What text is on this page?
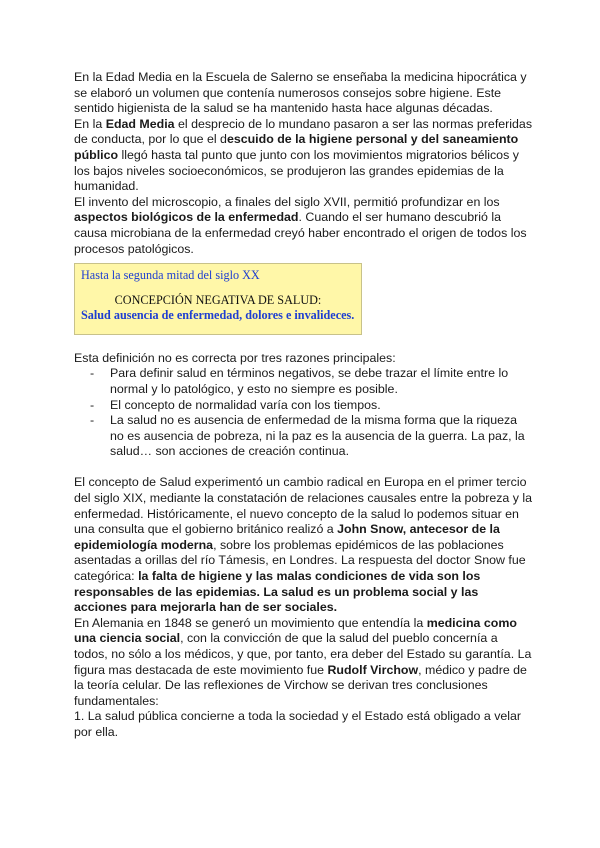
En la Edad Media en la Escuela de Salerno se enseñaba la medicina hipocrática y se elaboró un volumen que contenía numerosos consejos sobre higiene. Este sentido higienista de la salud se ha mantenido hasta hace algunas décadas.

En la Edad Media el desprecio de lo mundano pasaron a ser las normas preferidas de conducta, por lo que el descuido de la higiene personal y del saneamiento público llegó hasta tal punto que junto con los movimientos migratorios bélicos y los bajos niveles socioeconómicos, se produjeron las grandes epidemias de la humanidad.

El invento del microscopio, a finales del siglo XVII, permitió profundizar en los aspectos biológicos de la enfermedad. Cuando el ser humano descubrió la causa microbiana de la enfermedad creyó haber encontrado el origen de todos los procesos patológicos.

Hasta la segunda mitad del siglo XX
CONCEPCIÓN NEGATIVA DE SALUD:
Salud ausencia de enfermedad, dolores e invalideces.

Esta definición no es correcta por tres razones principales:

- Para definir salud en términos negativos, se debe trazar el límite entre lo normal y lo patológico, y esto no siempre es posible.
- El concepto de normalidad varía con los tiempos.
- La salud no es ausencia de enfermedad de la misma forma que la riqueza no es ausencia de pobreza, ni la paz es la ausencia de la guerra. La paz, la salud… son acciones de creación continua.

El concepto de Salud experimentó un cambio radical en Europa en el primer tercio del siglo XIX, mediante la constatación de relaciones causales entre la pobreza y la enfermedad. Históricamente, el nuevo concepto de la salud lo podemos situar en una consulta que el gobierno británico realizó a John Snow, antecesor de la epidemiología moderna, sobre los problemas epidémicos de las poblaciones asentadas a orillas del río Támesis, en Londres. La respuesta del doctor Snow fue categórica: la falta de higiene y las malas condiciones de vida son los responsables de las epidemias. La salud es un problema social y las acciones para mejorarla han de ser sociales.

En Alemania en 1848 se generó un movimiento que entendía la medicina como una ciencia social, con la convicción de que la salud del pueblo concernía a todos, no sólo a los médicos, y que, por tanto, era deber del Estado su garantía. La figura mas destacada de este movimiento fue Rudolf Virchow, médico y padre de la teoría celular. De las reflexiones de Virchow se derivan tres conclusiones fundamentales:

1. La salud pública concierne a toda la sociedad y el Estado está obligado a velar por ella.
